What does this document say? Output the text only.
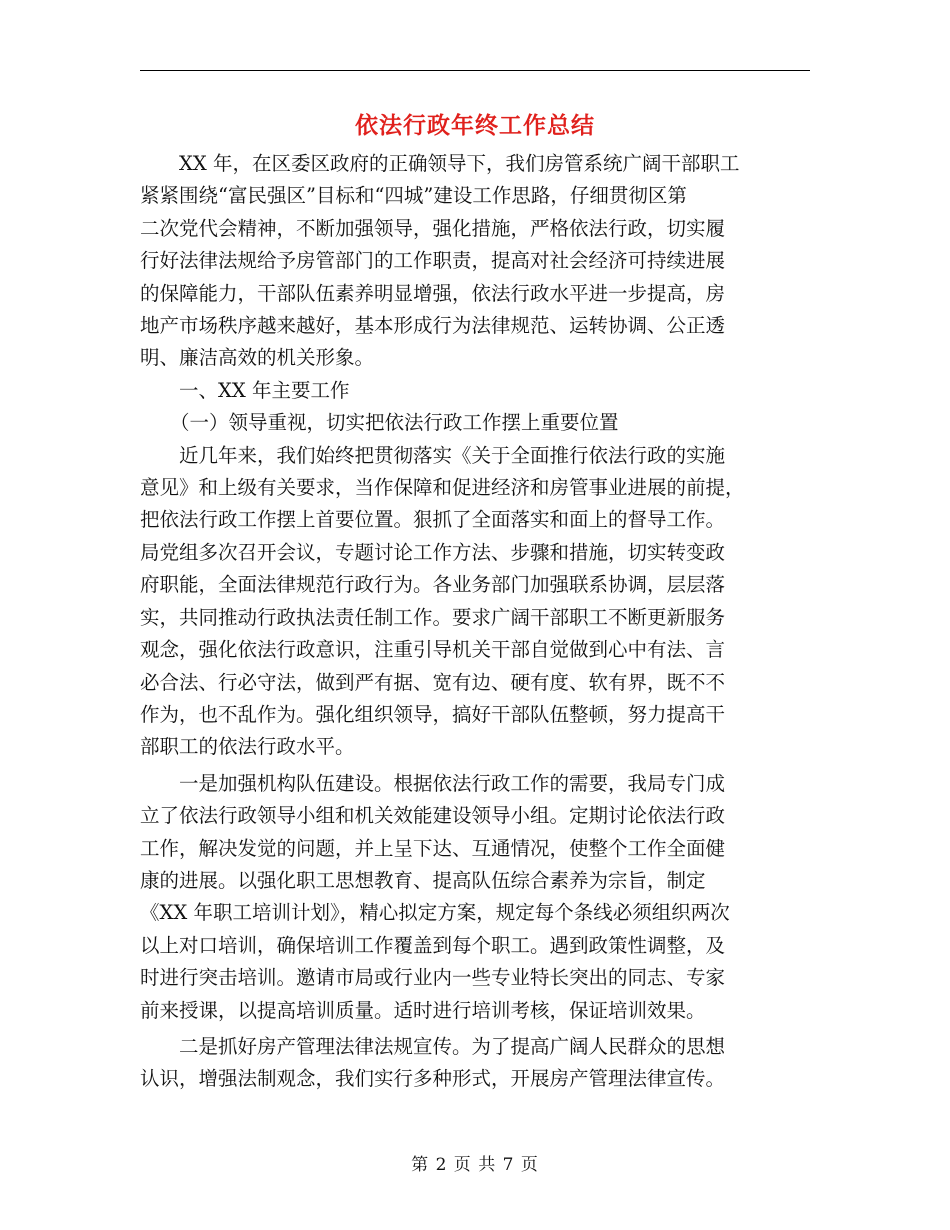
依法行政年终工作总结
XX 年，在区委区政府的正确领导下，我们房管系统广阔干部职工
紧紧围绕“富民强区”目标和“四城”建设工作思路，仔细贯彻区第
二次党代会精神，不断加强领导，强化措施，严格依法行政，切实履
行好法律法规给予房管部门的工作职责，提高对社会经济可持续进展
的保障能力，干部队伍素养明显增强，依法行政水平进一步提高，房
地产市场秩序越来越好，基本形成行为法律规范、运转协调、公正透
明、廉洁高效的机关形象。

一、XX 年主要工作

（一）领导重视，切实把依法行政工作摆上重要位置

近几年来，我们始终把贯彻落实《关于全面推行依法行政的实施
意见》和上级有关要求，当作保障和促进经济和房管事业进展的前提，
把依法行政工作摆上首要位置。狠抓了全面落实和面上的督导工作。
局党组多次召开会议，专题讨论工作方法、步骤和措施，切实转变政
府职能，全面法律规范行政行为。各业务部门加强联系协调，层层落
实，共同推动行政执法责任制工作。要求广阔干部职工不断更新服务
观念，强化依法行政意识，注重引导机关干部自觉做到心中有法、言
必合法、行必守法，做到严有据、宽有边、硬有度、软有界，既不不
作为，也不乱作为。强化组织领导，搞好干部队伍整顿，努力提高干
部职工的依法行政水平。
一是加强机构队伍建设。根据依法行政工作的需要，我局专门成
立了依法行政领导小组和机关效能建设领导小组。定期讨论依法行政
工作，解决发觉的问题，并上呈下达、互通情况，使整个工作全面健
康的进展。以强化职工思想教育、提高队伍综合素养为宗旨，制定
《XX 年职工培训计划》，精心拟定方案，规定每个条线必须组织两次
以上对口培训，确保培训工作覆盖到每个职工。遇到政策性调整，及
时进行突击培训。邀请市局或行业内一些专业特长突出的同志、专家
前来授课，以提高培训质量。适时进行培训考核，保证培训效果。
二是抓好房产管理法律法规宣传。为了提高广阔人民群众的思想
认识，增强法制观念，我们实行多种形式，开展房产管理法律宣传。
第 2 页 共 7 页
